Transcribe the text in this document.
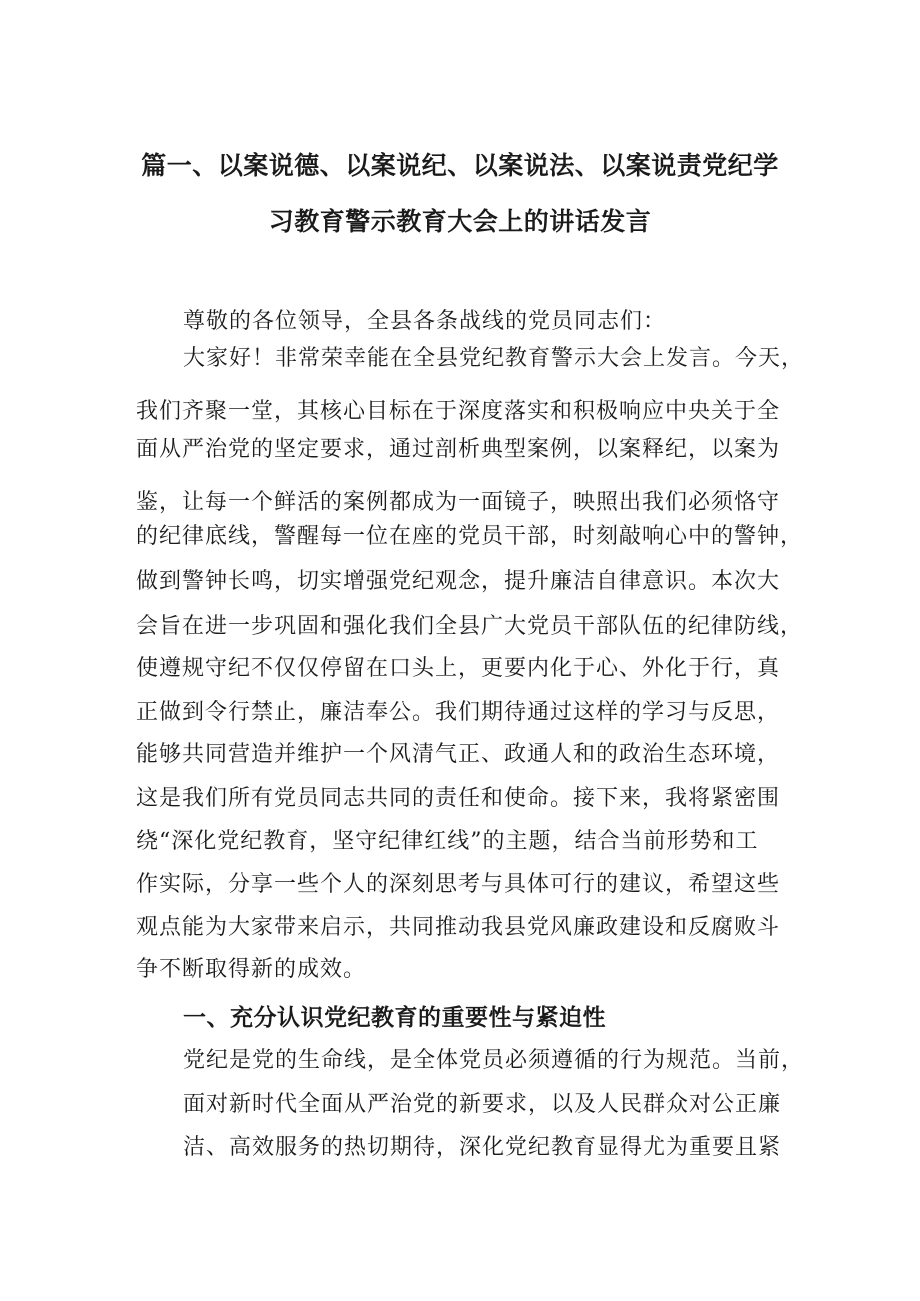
篇一、以案说德、以案说纪、以案说法、以案说责党纪学
习教育警示教育大会上的讲话发言
尊敬的各位领导，全县各条战线的党员同志们：
大家好！非常荣幸能在全县党纪教育警示大会上发言。今天，
我们齐聚一堂，其核心目标在于深度落实和积极响应中央关于全
面从严治党的坚定要求，通过剖析典型案例，以案释纪，以案为
鉴，让每一个鲜活的案例都成为一面镜子，映照出我们必须恪守
的纪律底线，警醒每一位在座的党员干部，时刻敲响心中的警钟，
做到警钟长鸣，切实增强党纪观念，提升廉洁自律意识。本次大
会旨在进一步巩固和强化我们全县广大党员干部队伍的纪律防线，
使遵规守纪不仅仅停留在口头上，更要内化于心、外化于行，真
正做到令行禁止，廉洁奉公。我们期待通过这样的学习与反思，
能够共同营造并维护一个风清气正、政通人和的政治生态环境，
这是我们所有党员同志共同的责任和使命。接下来，我将紧密围
绕“深化党纪教育，坚守纪律红线”的主题，结合当前形势和工
作实际，分享一些个人的深刻思考与具体可行的建议，希望这些
观点能为大家带来启示，共同推动我县党风廉政建设和反腐败斗
争不断取得新的成效。
一、充分认识党纪教育的重要性与紧迫性
党纪是党的生命线，是全体党员必须遵循的行为规范。当前，
面对新时代全面从严治党的新要求，以及人民群众对公正廉
洁、高效服务的热切期待，深化党纪教育显得尤为重要且紧
